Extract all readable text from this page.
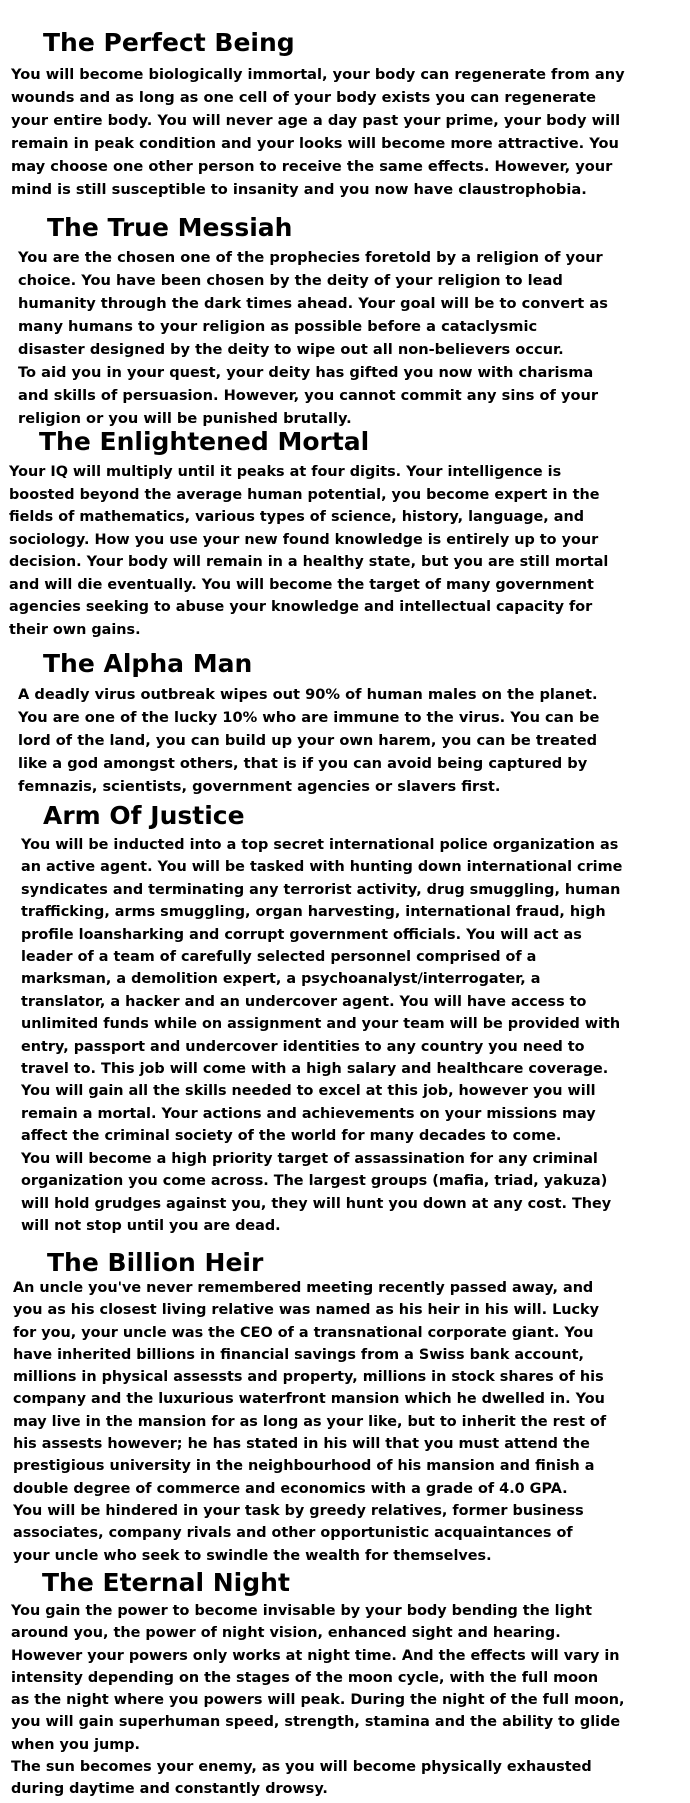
The Perfect Being

You will become biologically immortal, your body can regenerate from any
wounds and as long as one cell of your body exists you can regenerate
your entire body. You will never age a day past your prime, your body will
remain in peak condition and your looks will become more attractive. You
may choose one other person to receive the same effects. However, your
mind is still susceptible to insanity and you now have claustrophobia.

The True Messiah

You are the chosen one of the prophecies foretold by a religion of your
choice. You have been chosen by the deity of your religion to lead
humanity through the dark times ahead. Your goal will be to convert as
many humans to your religion as possible before a cataclysmic
disaster designed by the deity to wipe out all non-believers occur.
To aid you in your quest, your deity has gifted you now with charisma
and skills of persuasion. However, you cannot commit any sins of your
religion or you will be punished brutally.

The Enlightened Mortal

Your IQ will multiply until it peaks at four digits. Your intelligence is
boosted beyond the average human potential, you become expert in the
fields of mathematics, various types of science, history, language, and
sociology. How you use your new found knowledge is entirely up to your
decision. Your body will remain in a healthy state, but you are still mortal
and will die eventually. You will become the target of many government
agencies seeking to abuse your knowledge and intellectual capacity for
their own gains.

The Alpha Man

A deadly virus outbreak wipes out 90% of human males on the planet.
You are one of the lucky 10% who are immune to the virus. You can be
lord of the land, you can build up your own harem, you can be treated
like a god amongst others, that is if you can avoid being captured by
femnazis, scientists, government agencies or slavers first.

Arm Of Justice

You will be inducted into a top secret international police organization as
an active agent. You will be tasked with hunting down international crime
syndicates and terminating any terrorist activity, drug smuggling, human
trafficking, arms smuggling, organ harvesting, international fraud, high
profile loansharking and corrupt government officials. You will act as
leader of a team of carefully selected personnel comprised of a
marksman, a demolition expert, a psychoanalyst/interrogater, a
translator, a hacker and an undercover agent. You will have access to
unlimited funds while on assignment and your team will be provided with
entry, passport and undercover identities to any country you need to
travel to. This job will come with a high salary and healthcare coverage.
You will gain all the skills needed to excel at this job, however you will
remain a mortal. Your actions and achievements on your missions may
affect the criminal society of the world for many decades to come.
You will become a high priority target of assassination for any criminal
organization you come across. The largest groups (mafia, triad, yakuza)
will hold grudges against you, they will hunt you down at any cost. They
will not stop until you are dead.

The Billion Heir

An uncle you've never remembered meeting recently passed away, and
you as his closest living relative was named as his heir in his will. Lucky
for you, your uncle was the CEO of a transnational corporate giant. You
have inherited billions in financial savings from a Swiss bank account,
millions in physical assessts and property, millions in stock shares of his
company and the luxurious waterfront mansion which he dwelled in. You
may live in the mansion for as long as your like, but to inherit the rest of
his assests however; he has stated in his will that you must attend the
prestigious university in the neighbourhood of his mansion and finish a
double degree of commerce and economics with a grade of 4.0 GPA.
You will be hindered in your task by greedy relatives, former business
associates, company rivals and other opportunistic acquaintances of
your uncle who seek to swindle the wealth for themselves.

The Eternal Night

You gain the power to become invisable by your body bending the light
around you, the power of night vision, enhanced sight and hearing.
However your powers only works at night time. And the effects will vary in
intensity depending on the stages of the moon cycle, with the full moon
as the night where you powers will peak. During the night of the full moon,
you will gain superhuman speed, strength, stamina and the ability to glide
when you jump.
The sun becomes your enemy, as you will become physically exhausted
during daytime and constantly drowsy.
